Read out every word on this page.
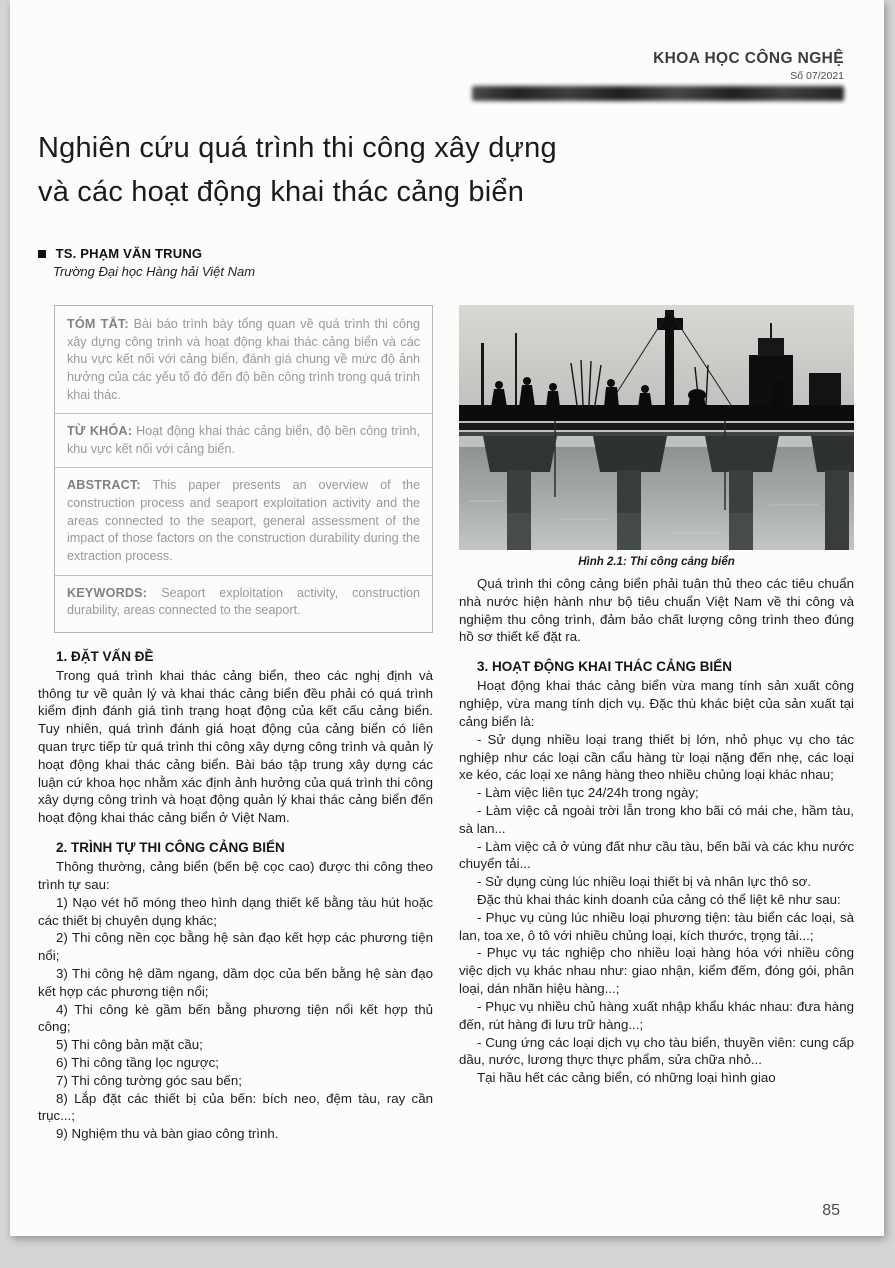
KHOA HỌC CÔNG NGHỆ
Số 07/2021
Nghiên cứu quá trình thi công xây dựng
và các hoạt động khai thác cảng biển
TS. PHẠM VĂN TRUNG
Trường Đại học Hàng hải Việt Nam

TÓM TẮT: Bài báo trình bày tổng quan về quá trình thi công xây dựng công trình và hoạt động khai thác cảng biển và các khu vực kết nối với cảng biển, đánh giá chung về mức độ ảnh hưởng của các yếu tố đó đến độ bền công trình trong quá trình khai thác.

TỪ KHÓA: Hoạt động khai thác cảng biển, độ bền công trình, khu vực kết nối với cảng biển.

ABSTRACT: This paper presents an overview of the construction process and seaport exploitation activity and the areas connected to the seaport, general assessment of the impact of those factors on the construction durability during the extraction process.

KEYWORDS: Seaport exploitation activity, construction durability, areas connected to the seaport.

1. ĐẶT VẤN ĐỀ

Trong quá trình khai thác cảng biển, theo các nghị định và thông tư về quản lý và khai thác cảng biển đều phải có quá trình kiểm định đánh giá tình trạng hoạt động của kết cấu cảng biển. Tuy nhiên, quá trình đánh giá hoạt động của cảng biển có liên quan trực tiếp từ quá trình thi công xây dựng công trình và quản lý hoạt động khai thác cảng biển. Bài báo tập trung xây dựng các luận cứ khoa học nhằm xác định ảnh hưởng của quá trình thi công xây dựng công trình và hoạt động quản lý khai thác cảng biển đến hoạt động khai thác cảng biển ở Việt Nam.

2. TRÌNH TỰ THI CÔNG CẢNG BIỂN

Thông thường, cảng biển (bến bệ cọc cao) được thi công theo trình tự sau:

1) Nạo vét hố móng theo hình dạng thiết kế bằng tàu hút hoặc các thiết bị chuyên dụng khác;

2) Thi công nền cọc bằng hệ sàn đạo kết hợp các phương tiện nổi;

3) Thi công hệ dầm ngang, dầm dọc của bến bằng hệ sàn đạo kết hợp các phương tiện nổi;

4) Thi công kè gầm bến bằng phương tiện nổi kết hợp thủ công;

5) Thi công bản mặt cầu;

6) Thi công tầng lọc ngược;

7) Thi công tường góc sau bến;

8) Lắp đặt các thiết bị của bến: bích neo, đệm tàu, ray cần trục...;

9) Nghiệm thu và bàn giao công trình.

Hình 2.1: Thi công cảng biển

Quá trình thi công cảng biển phải tuân thủ theo các tiêu chuẩn nhà nước hiện hành như bộ tiêu chuẩn Việt Nam về thi công và nghiệm thu công trình, đảm bảo chất lượng công trình theo đúng hồ sơ thiết kế đặt ra.

3. HOẠT ĐỘNG KHAI THÁC CẢNG BIỂN

Hoạt động khai thác cảng biển vừa mang tính sản xuất công nghiệp, vừa mang tính dịch vụ. Đặc thù khác biệt của sản xuất tại cảng biển là:

- Sử dụng nhiều loại trang thiết bị lớn, nhỏ phục vụ cho tác nghiệp như các loại cần cẩu hàng từ loại nặng đến nhẹ, các loại xe kéo, các loại xe nâng hàng theo nhiều chủng loại khác nhau;

- Làm việc liên tục 24/24h trong ngày;

- Làm việc cả ngoài trời lẫn trong kho bãi có mái che, hầm tàu, sà lan...

- Làm việc cả ở vùng đất như cầu tàu, bến bãi và các khu nước chuyển tải...

- Sử dụng cùng lúc nhiều loại thiết bị và nhân lực thô sơ.

Đặc thù khai thác kinh doanh của cảng có thể liệt kê như sau:

- Phục vụ cùng lúc nhiều loại phương tiện: tàu biển các loại, sà lan, toa xe, ô tô với nhiều chủng loại, kích thước, trọng tải...;

- Phục vụ tác nghiệp cho nhiều loại hàng hóa với nhiều công việc dịch vụ khác nhau như: giao nhận, kiểm đếm, đóng gói, phân loại, dán nhãn hiệu hàng...;

- Phục vụ nhiều chủ hàng xuất nhập khẩu khác nhau: đưa hàng đến, rút hàng đi lưu trữ hàng...;

- Cung ứng các loại dịch vụ cho tàu biển, thuyền viên: cung cấp dầu, nước, lương thực thực phẩm, sửa chữa nhỏ...

Tại hầu hết các cảng biển, có những loại hình giao

85
